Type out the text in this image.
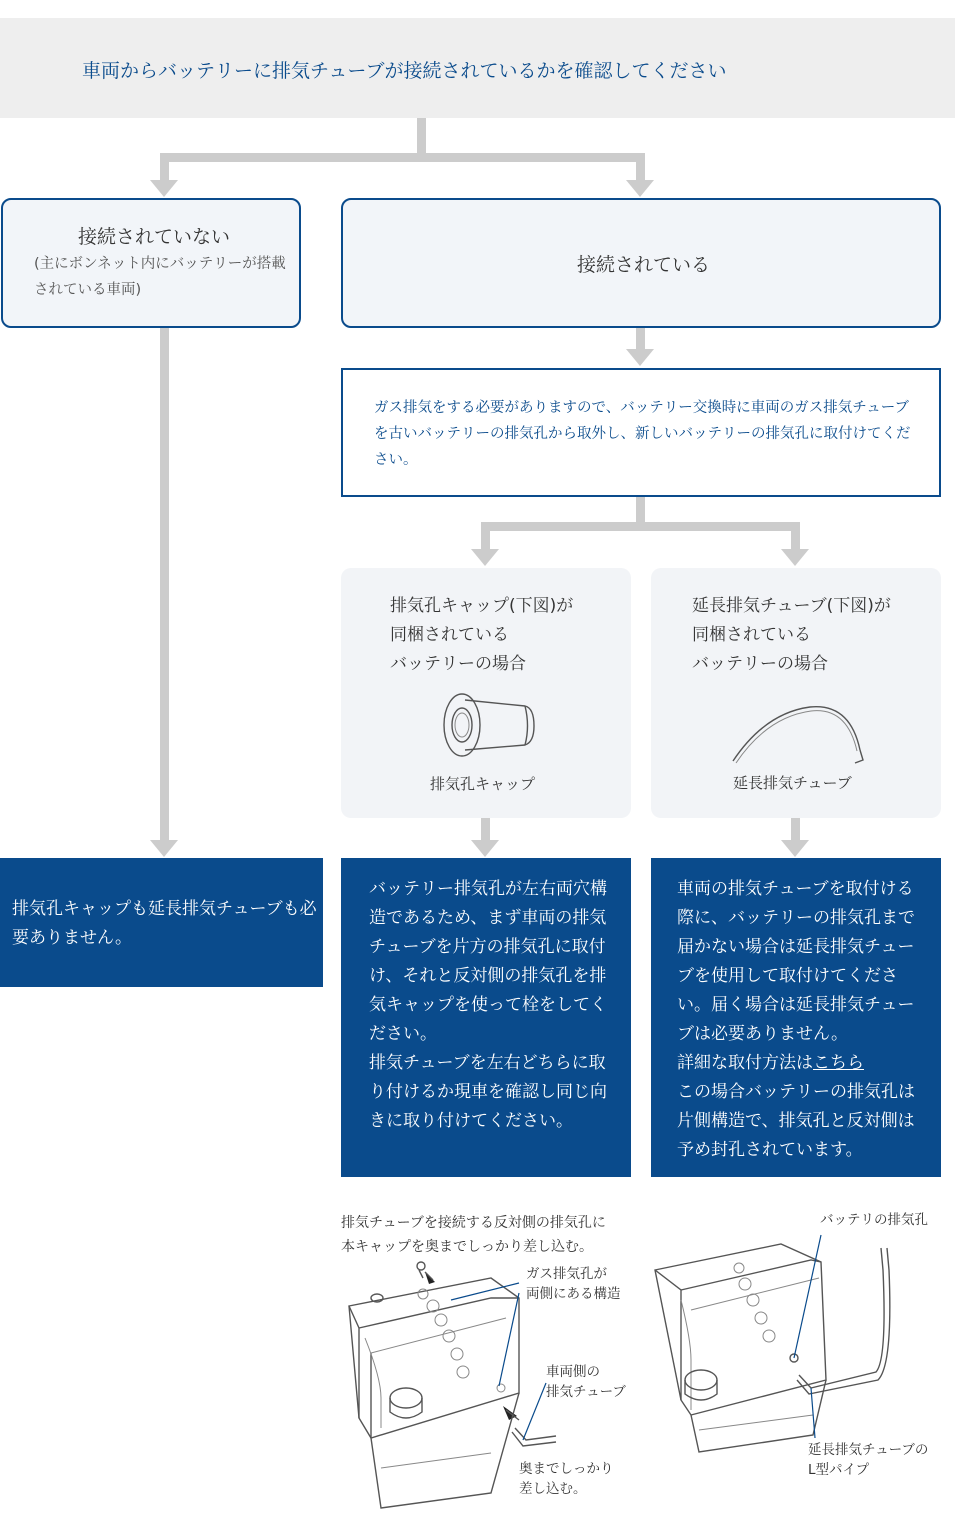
車両からバッテリーに排気チューブが接続されているかを確認してください
接続されていない
(主にボンネット内にバッテリーが搭載されている車両)
接続されている
ガス排気をする必要がありますので、バッテリー交換時に車両のガス排気チューブを古いバッテリーの排気孔から取外し、新しいバッテリーの排気孔に取付けてください。
排気孔キャップ(下図)が
同梱されている
バッテリーの場合
排気孔キャップ
延長排気チューブ(下図)が
同梱されている
バッテリーの場合
延長排気チューブ
排気孔キャップも延長排気チューブも必要ありません。
バッテリー排気孔が左右両穴構造であるため、まず車両の排気チューブを片方の排気孔に取付け、それと反対側の排気孔を排気キャップを使って栓をしてください。
排気チューブを左右どちらに取り付けるか現車を確認し同じ向きに取り付けてください。
車両の排気チューブを取付ける際に、バッテリーの排気孔まで届かない場合は延長排気チューブを使用して取付けてください。届く場合は延長排気チューブは必要ありません。
詳細な取付方法はこちら
この場合バッテリーの排気孔は片側構造で、排気孔と反対側は予め封孔されています。
排気チューブを接続する反対側の排気孔に
本キャップを奥までしっかり差し込む。
ガス排気孔が
両側にある構造
車両側の
排気チューブ
奥までしっかり
差し込む。
バッテリの排気孔
延長排気チューブの
L型パイプ
